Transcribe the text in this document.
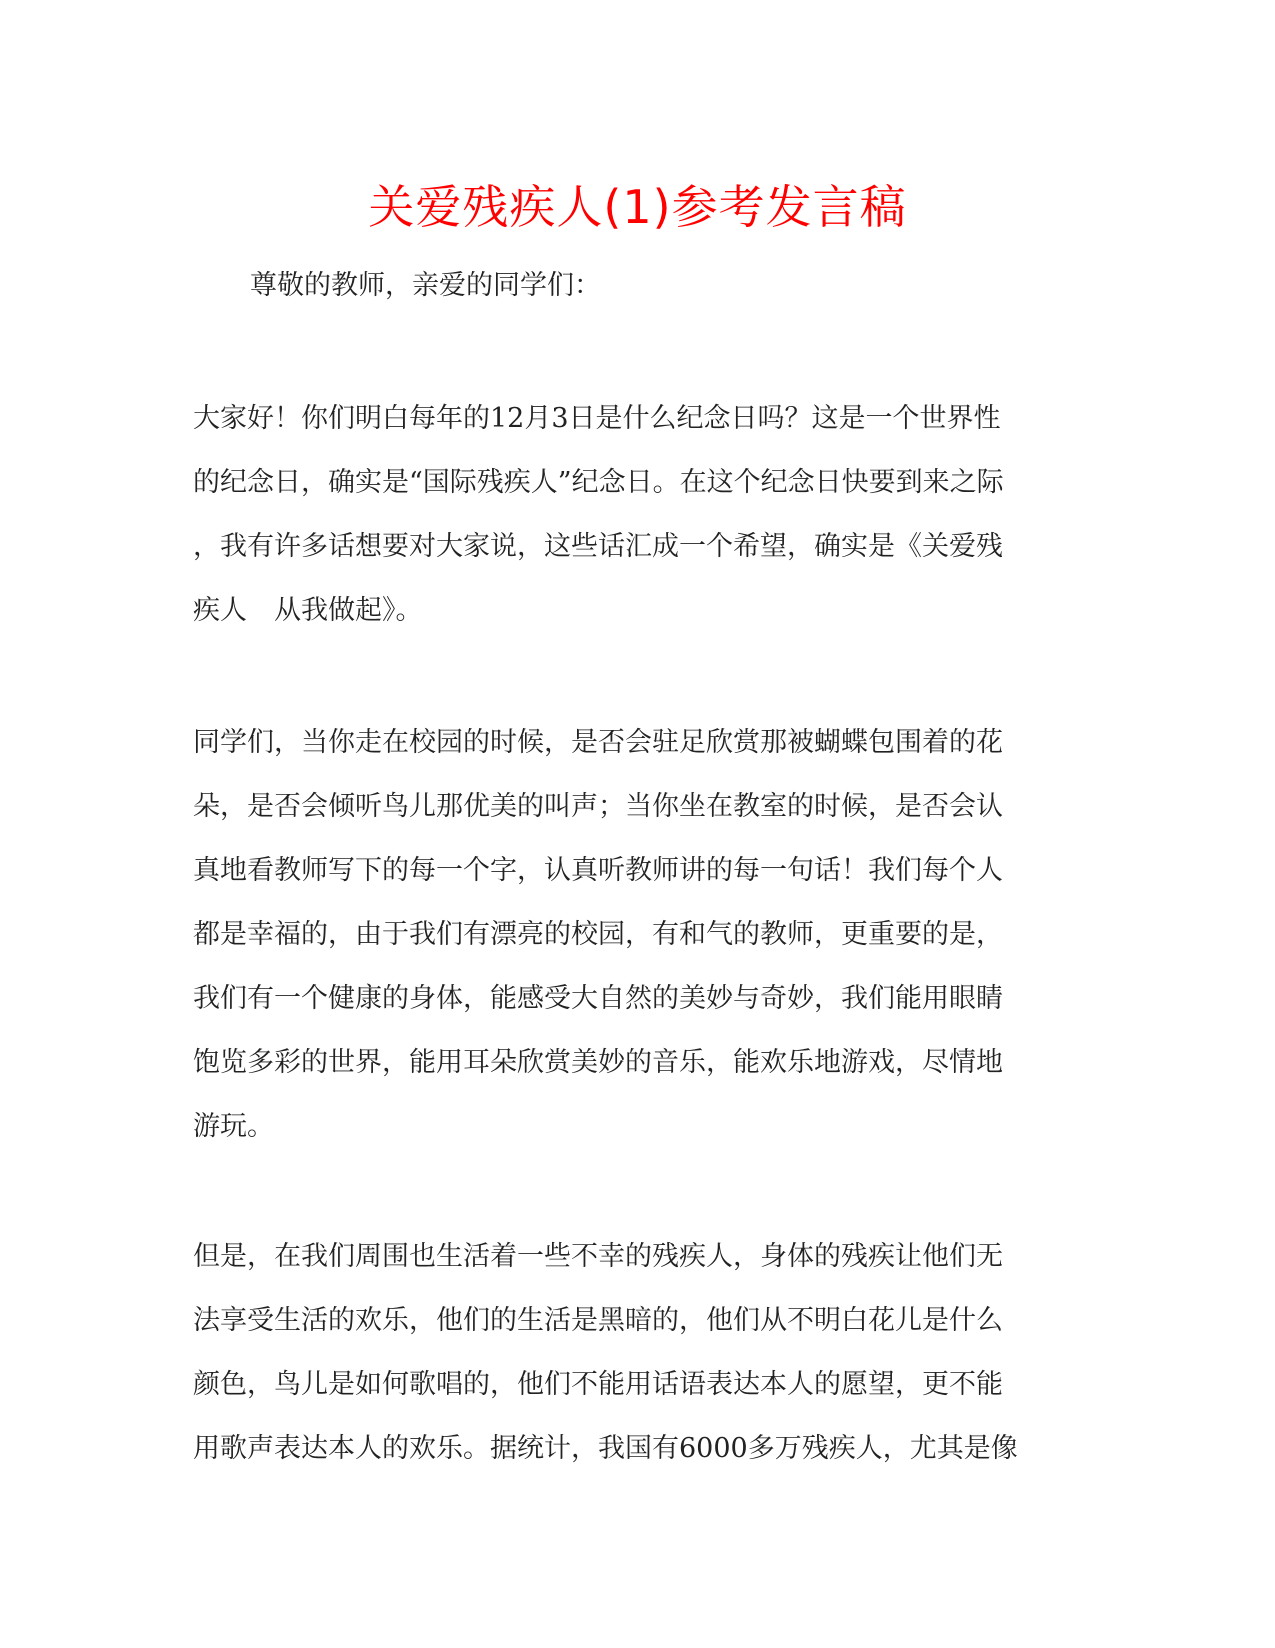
关爱残疾人(1)参考发言稿
尊敬的教师，亲爱的同学们：
大家好！你们明白每年的12月3日是什么纪念日吗？这是一个世界性
的纪念日，确实是“国际残疾人”纪念日。在这个纪念日快要到来之际
，我有许多话想要对大家说，这些话汇成一个希望，确实是《关爱残
疾人　从我做起》。
同学们，当你走在校园的时候，是否会驻足欣赏那被蝴蝶包围着的花
朵，是否会倾听鸟儿那优美的叫声；当你坐在教室的时候，是否会认
真地看教师写下的每一个字，认真听教师讲的每一句话！我们每个人
都是幸福的，由于我们有漂亮的校园，有和气的教师，更重要的是，
我们有一个健康的身体，能感受大自然的美妙与奇妙，我们能用眼睛
饱览多彩的世界，能用耳朵欣赏美妙的音乐，能欢乐地游戏，尽情地
游玩。
但是，在我们周围也生活着一些不幸的残疾人，身体的残疾让他们无
法享受生活的欢乐，他们的生活是黑暗的，他们从不明白花儿是什么
颜色，鸟儿是如何歌唱的，他们不能用话语表达本人的愿望，更不能
用歌声表达本人的欢乐。据统计，我国有6000多万残疾人，尤其是像
